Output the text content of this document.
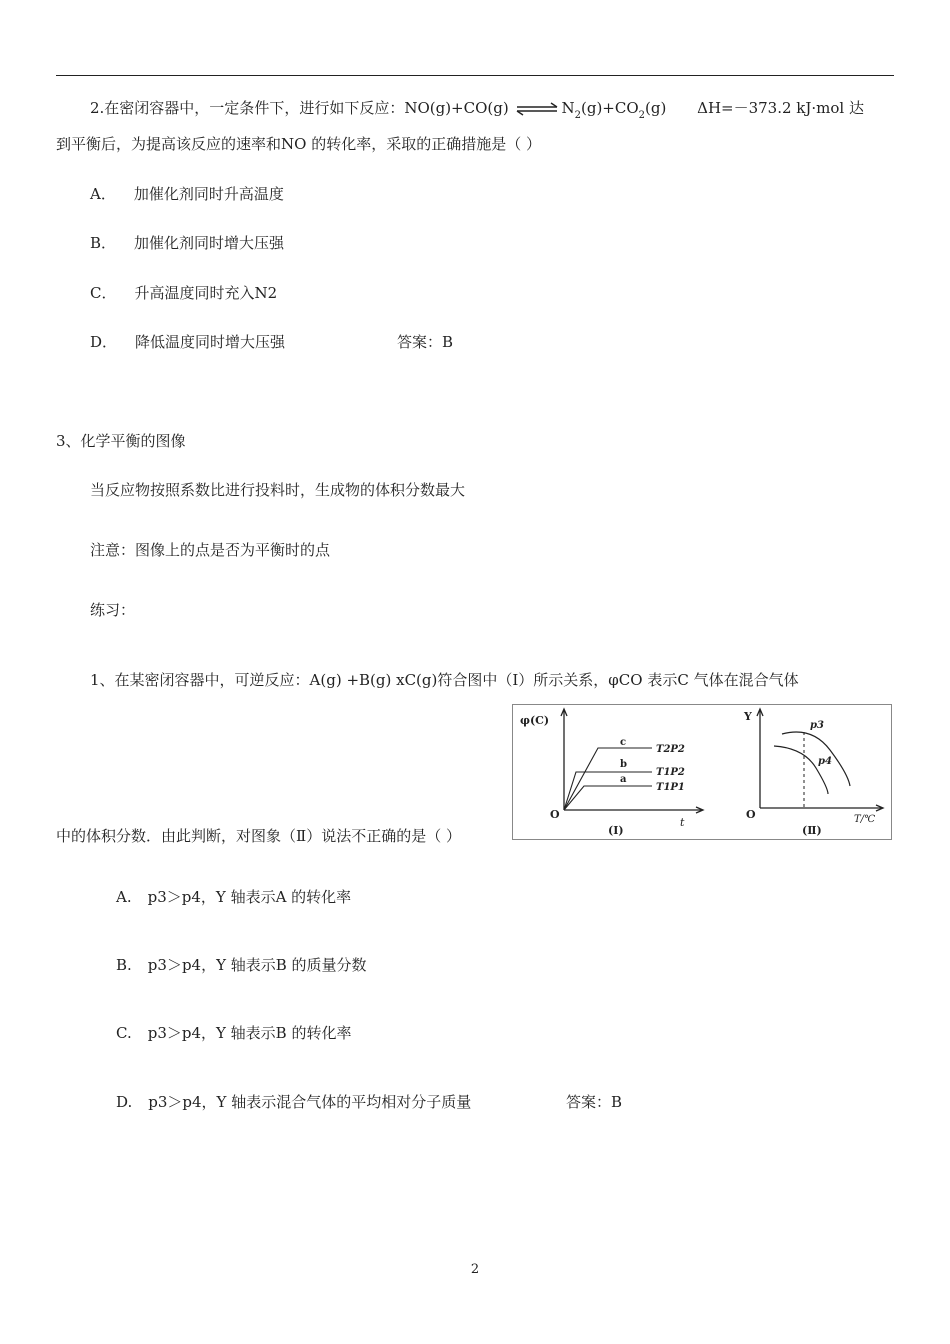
2.在密闭容器中，一定条件下，进行如下反应：NO(g)+CO(g) $\rightleftharpoons N_2(g)+CO_2(g)$ ΔH=－373.2 kJ·mol 达
到平衡后，为提高该反应的速率和NO 的转化率，采取的正确措施是（ ）
A． 加催化剂同时升高温度
B． 加催化剂同时增大压强
C． 升高温度同时充入N2
D． 降低温度同时增大压强	答案：B
3、化学平衡的图像
当反应物按照系数比进行投料时，生成物的体积分数最大
注意：图像上的点是否为平衡时的点
练习：
1、在某密闭容器中，可逆反应：A(g) +B(g) xC(g)符合图中（Ⅰ）所示关系，φCO 表示C 气体在混合气体
φ(C)
O
t
(Ⅰ)
c
b
a
T2P2
T1P2
T1P1
Y
O	T/℃
(Ⅱ)
p3
p4
中的体积分数．由此判断，对图象（Ⅱ）说法不正确的是（ ）
A. p3＞p4，Y 轴表示A 的转化率
B. p3＞p4，Y 轴表示B 的质量分数
C. p3＞p4，Y 轴表示B 的转化率
D. p3＞p4，Y 轴表示混合气体的平均相对分子质量	答案：B
2
